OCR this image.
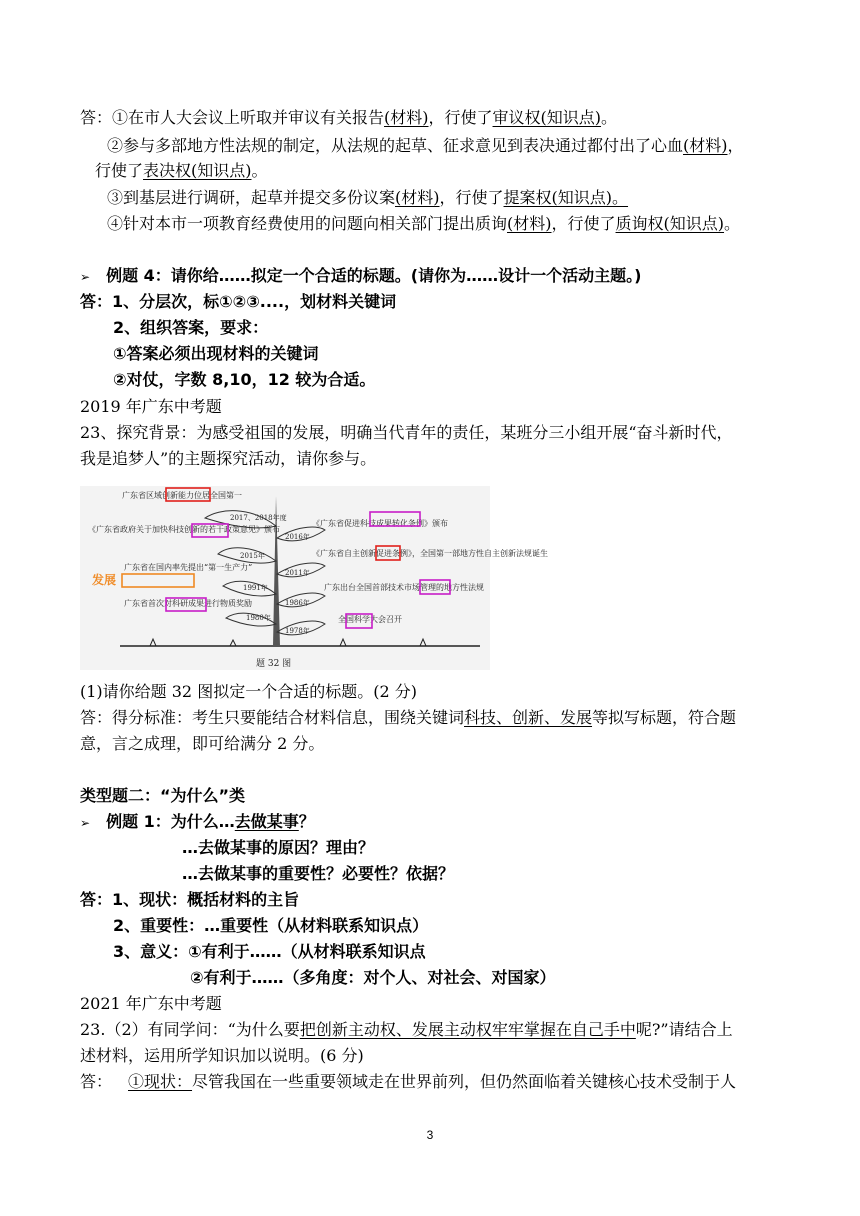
答：①在市人大会议上听取并审议有关报告(材料)，行使了审议权(知识点)。
②参与多部地方性法规的制定，从法规的起草、征求意见到表决通过都付出了心血(材料)，
行使了表决权(知识点)。
③到基层进行调研，起草并提交多份议案(材料)，行使了提案权(知识点)。
④针对本市一项教育经费使用的问题向相关部门提出质询(材料)，行使了质询权(知识点)。
➢ 例题 4：请你给……拟定一个合适的标题。(请你为……设计一个活动主题。)
答：1、分层次，标①②③....，划材料关键词
2、组织答案，要求：
①答案必须出现材料的关键词
②对仗，字数 8,10，12 较为合适。
2019 年广东中考题
23、探究背景：为感受祖国的发展，明确当代青年的责任，某班分三小组开展“奋斗新时代，
我是追梦人”的主题探究活动，请你参与。
2017、2018年度
2015年
1991年
1980年
2016年
2011年
1986年
1978年
广东省区域创新能力位居全国第一
《广东省政府关于加快科技创新的若干政策意见》颁布
广东省在国内率先提出“第一生产力”
广东省首次对科研成果进行物质奖励
《广东省促进科技成果转化条例》颁布
《广东省自主创新促进条例》，全国第一部地方性自主创新法规诞生
广东出台全国首部技术市场管理的地方性法规
全国科学大会召开
发展
题 32 图
(1)请你给题 32 图拟定一个合适的标题。(2 分)
答：得分标准：考生只要能结合材料信息，围绕关键词科技、创新、发展等拟写标题，符合题
意，言之成理，即可给满分 2 分。
类型题二：“为什么”类
➢ 例题 1：为什么…去做某事？
…去做某事的原因？理由？
…去做某事的重要性？必要性？依据？
答：1、现状：概括材料的主旨
2、重要性：…重要性（从材料联系知识点）
3、意义：①有利于……（从材料联系知识点
②有利于……（多角度：对个人、对社会、对国家）
2021 年广东中考题
23.（2）有同学问：“为什么要把创新主动权、发展主动权牢牢掌握在自己手中呢?”请结合上
述材料，运用所学知识加以说明。(6 分)
答： ①现状：尽管我国在一些重要领域走在世界前列，但仍然面临着关键核心技术受制于人
3
